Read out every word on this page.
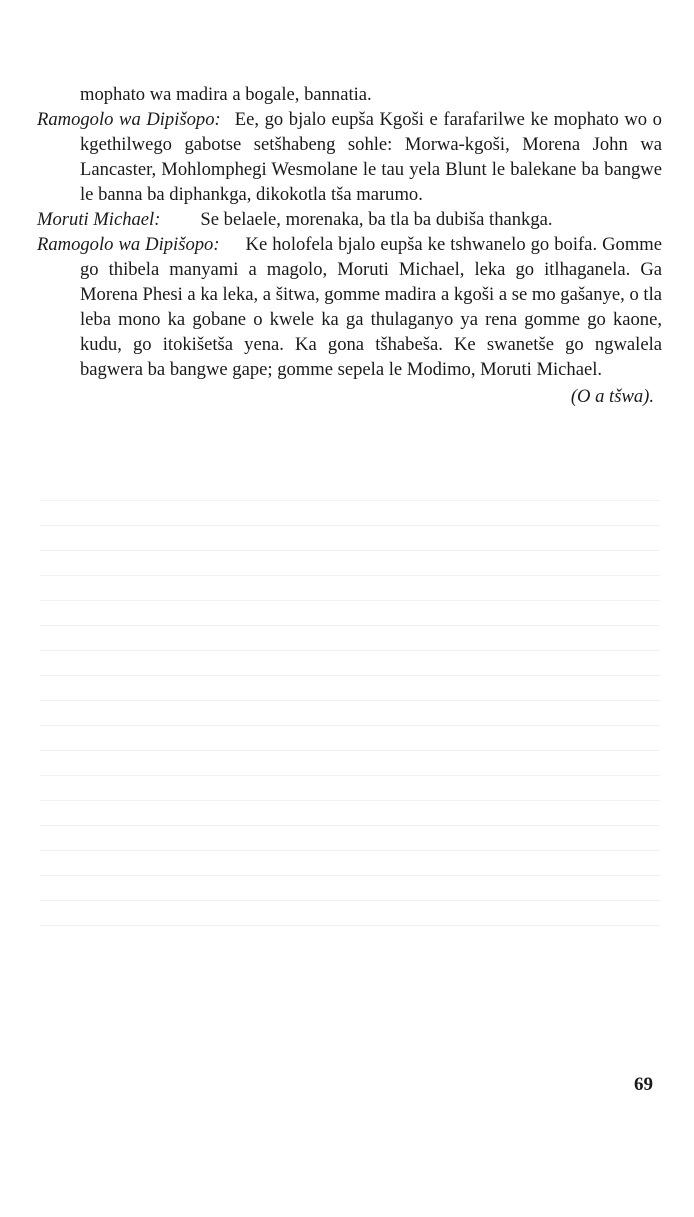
mophato wa madira a bogale, bannatia.
Ramogolo wa Dipišopo: Ee, go bjalo eupša Kgoši e farafarilwe ke mophato wo o kgethilwego gabotse setšhabeng sohle: Morwa-kgoši, Morena John wa Lancaster, Mohlomphegi Wesmolane le tau yela Blunt le balekane ba bangwe le banna ba diphankga, dikokotla tša marumo.
Moruti Michael: Se belaele, morenaka, ba tla ba dubiša thankga.
Ramogolo wa Dipišopo: Ke holofela bjalo eupša ke tshwanelo go boifa. Gomme go thibela manyami a magolo, Moruti Michael, leka go itlhaganela. Ga Morena Phesi a ka leka, a šitwa, gomme madira a kgoši a se mo gašanye, o tla leba mono ka gobane o kwele ka ga thulaganyo ya rena gomme go kaone, kudu, go itokišetša yena. Ka gona tšhabeša. Ke swanetše go ngwalela bagwera ba bangwe gape; gomme sepela le Modimo, Moruti Michael.
(O a tšwa).
69
